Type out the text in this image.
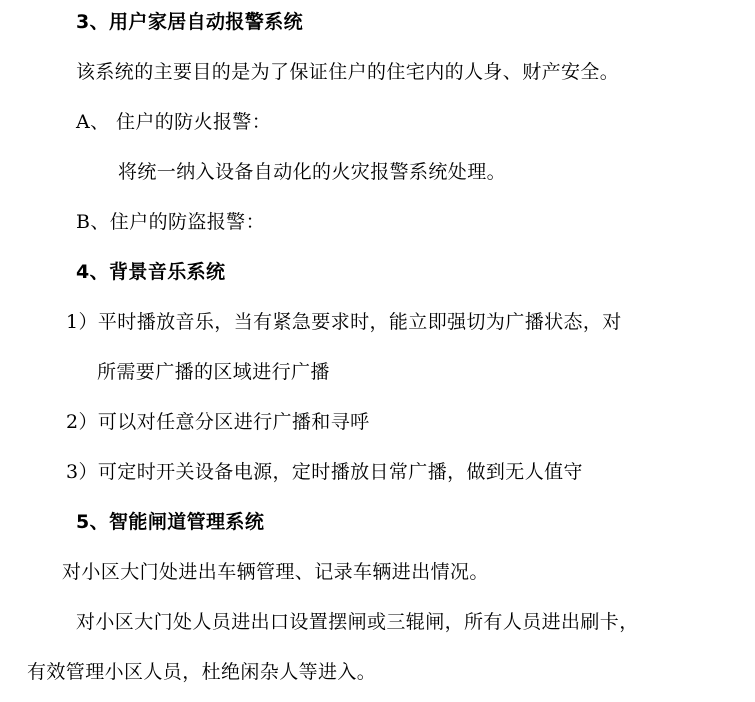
3、用户家居自动报警系统
该系统的主要目的是为了保证住户的住宅内的人身、财产安全。
A、 住户的防火报警：
将统一纳入设备自动化的火灾报警系统处理。
B、住户的防盗报警：
4、背景音乐系统
1）平时播放音乐，当有紧急要求时，能立即强切为广播状态，对
所需要广播的区域进行广播
2）可以对任意分区进行广播和寻呼
3）可定时开关设备电源，定时播放日常广播，做到无人值守
5、智能闸道管理系统
对小区大门处进出车辆管理、记录车辆进出情况。
对小区大门处人员进出口设置摆闸或三辊闸，所有人员进出刷卡，
有效管理小区人员，杜绝闲杂人等进入。
